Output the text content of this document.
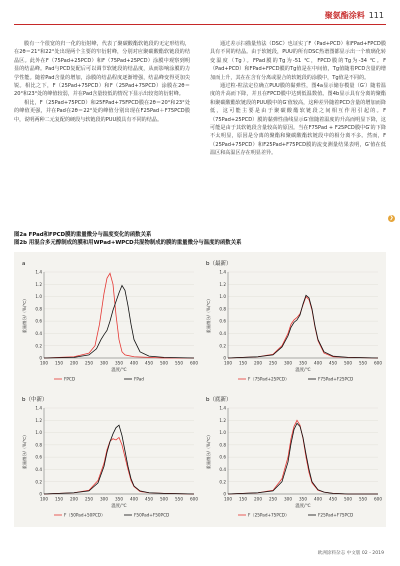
聚氨酯涂料 111

膜有一个很宽的归一化的衍射峰，代表了聚碳酸酯软链段的无定形结构，在2θ＝21°和22°处出现两个主要的窄衍射峰，分别对应聚碳酸酯软链段的结晶区。此外在F（75Pad+25PCD）和F（75Pad+25PCD）涂膜中观察到明显的结晶峰。Pad与PCD复配后可以调节软链段的结晶度，从而影响涂膜的力学性能。随着Pad含量的增加，涂膜的结晶程度逐渐增强，结晶峰变得更加尖锐。相比之下，F（25Pad+75PCD）和F（25Pad+75PCD）涂膜在2θ＝20°和23°处的峰值较弱，并在Pad含量较低的情况下显示出较宽的衍射峰。

相比，F（25Pad+75PCD）和25FPad+75FPCD膜在2θ＝20°和23°处的峰值更强，并在Pad在2θ＝22°处的峰值分别出现在F25Pad＋F75PCD膜中，说明两种二元复配的硬段与软链段的PUU膜具有不同的结晶。

通过差示扫描量热法（DSC）也证实了F（Pad+PCD）和FPad+FPCD膜具有不同的结晶。由于软链段，PUU的所有DSC热谱图都显示出一个玻璃化转变温度（Tg）。FPad膜的Tg为-51 ℃，FPCD膜的Tg为-34 ℃。F（Pad+PCD）和FPad+FPCD膜的Tg值是在中间值，Tg值随着PCD含量的增加而上升，其在在含有分离或混合的软链段的涂膜中，Tg值是不同的。

通过粒-粒法定位确立PUU膜的黏弹性，图4a显示储存模量（G′）随着温度的升高而下降，并且在FPCD膜中达到低温数值。图4b显示具有分离的聚酯和聚碳酸酯软链段的PUU膜中的G′值较高，这种差异随着PCD含量的增加而降低，这可能主要是由于聚碳酸酯软链段之间相互作用引起的。F（75Pad+25PCD）膜的黏弹性曲线显示G′值随着温度的升高而明显下降，这可能是由于其软链段含量较高的原因。当在F75Pad + F25PCD膜中G′的下降不太明显，原因是分离的聚酯和聚碳酸酯软链段中的相分离不多。然而，F（25Pad+75PCD）和F25Pad+F75PCD膜的流变测量结果表明，G′值在低温区和高温区存在明显差异。

❯
图2a FPad和FPCD膜的重量微分与温度变化的函数关系
图2b 用混合多元醇制成的膜和用WPad+WPCD共混物制成的膜的重量微分与温度的函数关系
a
0
0.2
0.4
0.6
0.8
1.0
1.2
1.4
100 150 200 250 300 350 400 450 500 550 600
重量微分/（%/℃）
温度/℃
FPCD	FPad
b（最新）
0
0.2
0.4
0.6
0.8
1.0
1.2
1.4
100 150 200 250 300 350 400 450 500 550 600
重量微分/（%/℃）
温度/℃
F（75Pad+25PCD）	F75Pad+F25PCD
b（中新）
0
0.2
0.4
0.6
0.8
1.0
1.2
1.4
100 150 200 250 300 350 400 450 500 550 600
重量微分/（%/℃）
温度/℃
F（50Pad+50PCD）	F50Pad+F50PCD
b（底新）
0
0.2
0.4
0.6
0.8
1.0
1.2
1.4
100 150 200 250 300 350 400 450 500 550 600
重量微分/（%/℃）
温度/℃
F（25Pad+75PCD）	F25Pad+F75PCD
欧洲涂料杂志 中文版 02・2019
